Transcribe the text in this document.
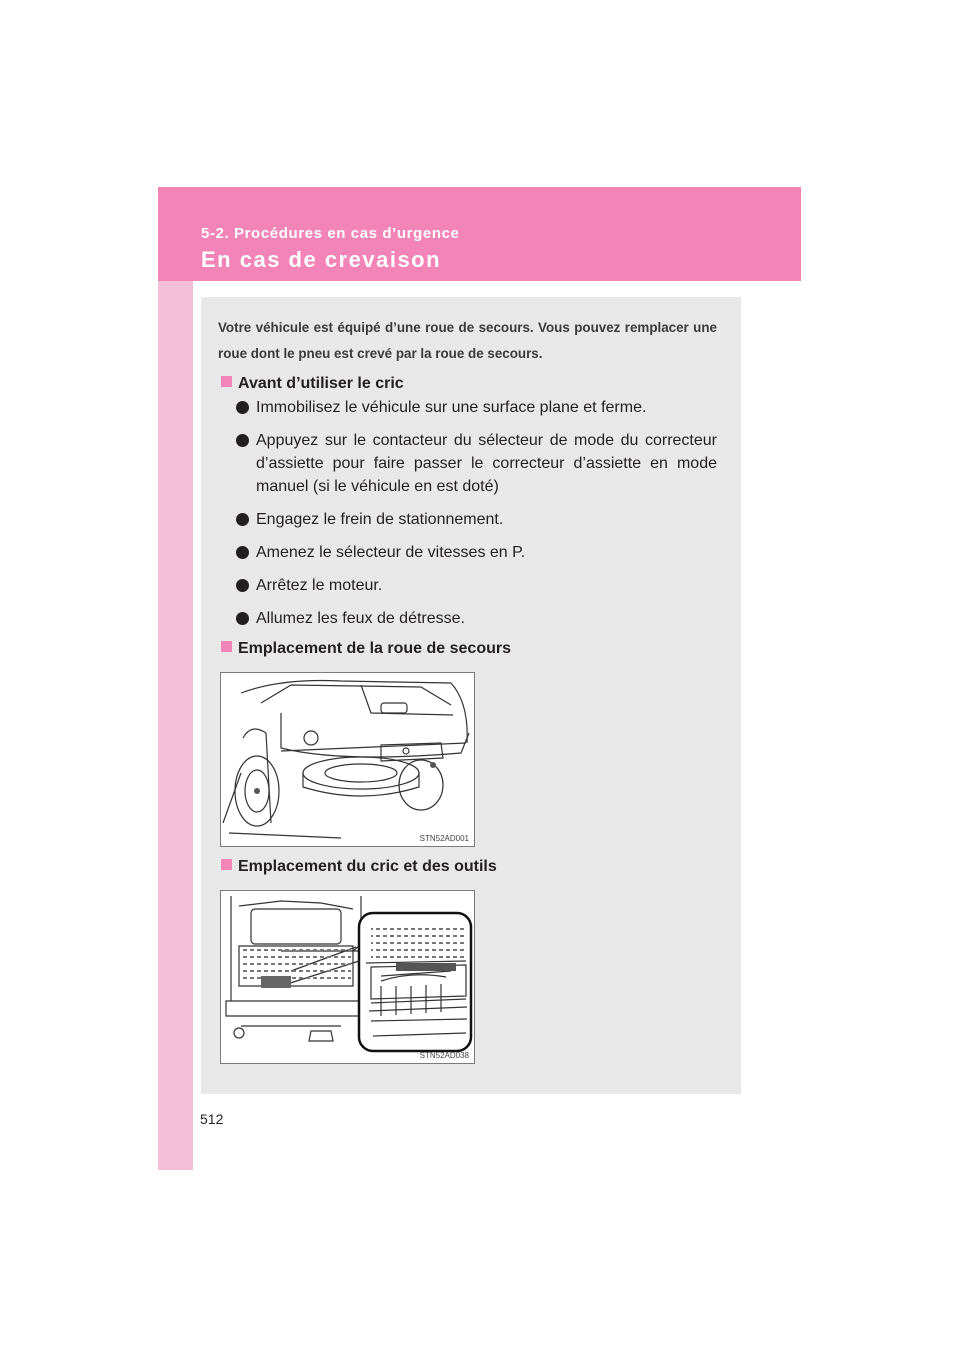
5-2. Procédures en cas d’urgence
En cas de crevaison
Votre véhicule est équipé d’une roue de secours. Vous pouvez remplacer une roue dont le pneu est crevé par la roue de secours.
Avant d’utiliser le cric
Immobilisez le véhicule sur une surface plane et ferme.
Appuyez sur le contacteur du sélecteur de mode du correcteur d’assiette pour faire passer le correcteur d’assiette en mode manuel (si le véhicule en est doté)
Engagez le frein de stationnement.
Amenez le sélecteur de vitesses en P.
Arrêtez le moteur.
Allumez les feux de détresse.
Emplacement de la roue de secours
STN52AD001
Emplacement du cric et des outils
STN52AD038
512
